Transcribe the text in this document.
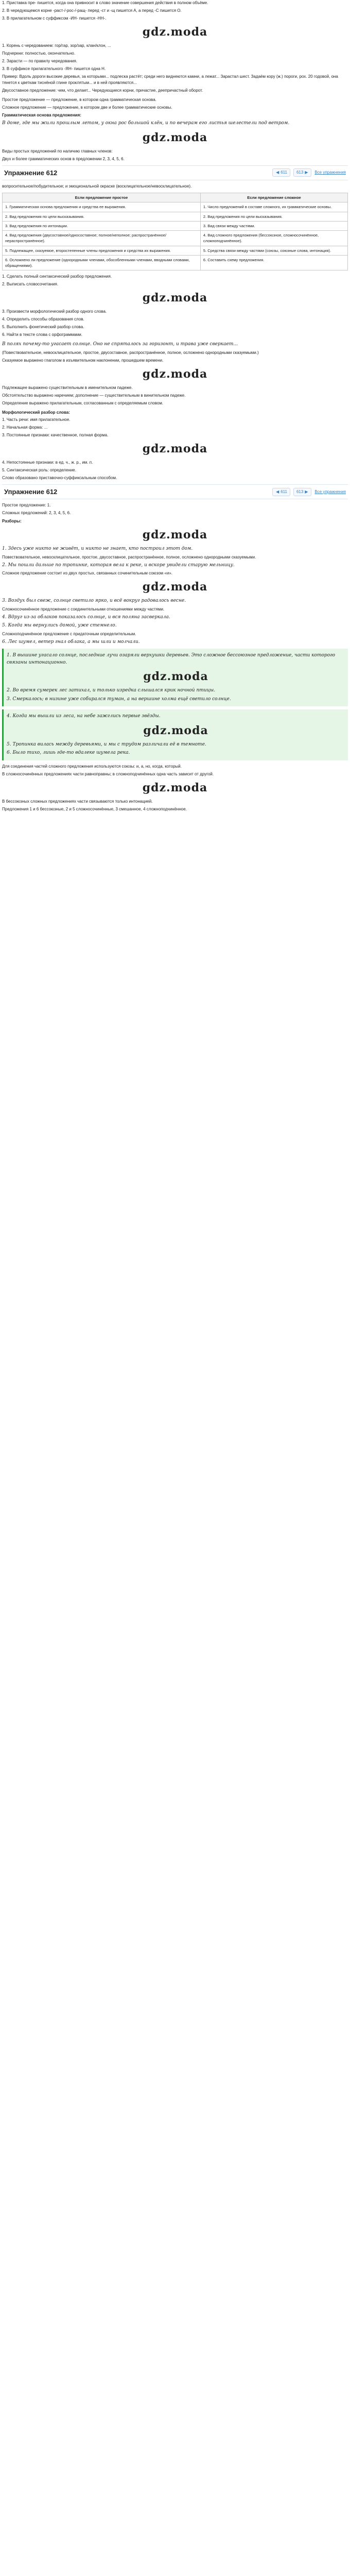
1. Приставка пре- пишется, когда она привносит в слово значение совершения действия в полном объёме.

2. В чередующемся корне -раст-/-рос-/-ращ- перед -ст и -щ пишется А, а перед -С пишется О.

3. В прилагательном с суффиксом -ИН- пишется -НН-.

gdz.moda

1. Корень с чередованием: гор/гар, зор/зар, клан/клон, ...

Подчеркни: полностью, окончательно.

2. Зарасти — по правилу чередования.

3. В суффиксе прилагательного -ЯН- пишется одна Н.

Пример: Вдоль дороги высокие деревья, за которыми... подлеска растёт; среди него виднеются камни, а лежат... Зарастал шест. Задаём кору (ж.) пороги, рох. 20 годовой, она тянется к цветкам тиснёной глине проклятым... и в ней проявляются...

Двусоставное предложение: чем, что делает... Чередующиеся корни, причастие, деепричастный оборот.

Простое предложение — предложение, в котором одна грамматическая основа.

Сложное предложение — предложение, в котором две и более грамматические основы.

Грамматическая основа предложения:

В доме, где мы жили прошлым летом, у окна рос большой клён, и по вечерам его листья шелестели под ветром.

gdz.moda

Виды простых предложений по наличию главных членов:

Двух и более грамматических основ в предложении 2, 3, 4, 5, 6.

Упражнение 612	◀ 611 613 ▶ Все упражнения

вопросительное/побудительное; и эмоциональной окраске (восклицательное/невосклицательное).

Если предложение простое	Если предложение сложное
1. Грамматическая основа предложения и средства ее выражения.	1. Число предложений в составе сложного, их грамматические основы.
2. Вид предложения по цели высказывания.	2. Вид предложения по цели высказывания.
3. Вид предложения по интонации.	3. Вид связи между частями.
4. Вид предложения (двусоставное/односоставное; полное/неполное; распространённое/нераспространённое).	4. Вид сложного предложения (бессоюзное, сложносочинённое, сложноподчинённое).
5. Подлежащее, сказуемое, второстепенные члены предложения и средства их выражения.	5. Средства связи между частями (союзы, союзные слова, интонация).
6. Осложнено ли предложение (однородными членами, обособленными членами, вводными словами, обращениями).	6. Составить схему предложения.

1. Сделать полный синтаксический разбор предложения.

2. Выписать словосочетания.

gdz.moda

3. Произвести морфологический разбор одного слова.

4. Определить способы образования слов.

5. Выполнить фонетический разбор слова.

6. Найти в тексте слова с орфограммами.

В полях почему-то угасает солнце. Оно не спряталось за горизонт, и трава уже сверкает...

(Повествовательное, невосклицательное, простое, двусоставное, распространённое, полное, осложнено однородными сказуемыми.)

Сказуемое выражено глаголом в изъявительном наклонении, прошедшем времени.

gdz.moda

Подлежащее выражено существительным в именительном падеже.

Обстоятельство выражено наречием; дополнение — существительным в винительном падеже.

Определение выражено прилагательным, согласованным с определяемым словом.

Морфологический разбор слова:

1. Часть речи: имя прилагательное.

2. Начальная форма: ...

3. Постоянные признаки: качественное, полная форма.

gdz.moda

4. Непостоянные признаки: в ед. ч., ж. р., им. п.

5. Синтаксическая роль: определение.

Слово образовано приставочно-суффиксальным способом.

Упражнение 612	◀ 611 613 ▶ Все упражнения

Простое предложение: 1.

Сложных предложений: 2, 3, 4, 5, 6.

Разборы:

gdz.moda

1. Здесь уже никто не живёт, и никто не знает, кто построил этот дом.

Повествовательное, невосклицательное, простое, двусоставное, распространённое, полное, осложнено однородными сказуемыми.

2. Мы пошли дальше по тропинке, которая вела к реке, и вскоре увидели старую мельницу.

Сложное предложение состоит из двух простых, связанных сочинительным союзом «и».

gdz.moda

3. Воздух был свеж, солнце светило ярко, и всё вокруг радовалось весне.

Сложносочинённое предложение с соединительными отношениями между частями.

4. Вдруг из-за облаков показалось солнце, и вся поляна засверкала.

5. Когда мы вернулись домой, уже стемнело.

Сложноподчинённое предложение с придаточным определительным.

6. Лес шумел, ветер гнал облака, а мы шли и молчали.

1. В вышине угасало солнце, последние лучи озаряли верхушки деревьев. Это сложное бессоюзное предложение, части которого связаны интонационно.

gdz.moda

2. Во время сумерек лес затихал, и только изредка слышался крик ночной птицы.

3. Смеркалось; в низине уже собирался туман, а на вершине холма ещё светило солнце.

4. Когда мы вышли из леса, на небе зажглись первые звёзды.

gdz.moda

5. Тропинка вилась между деревьями, и мы с трудом различали её в темноте.

6. Было тихо, лишь где-то вдалеке шумела река.

Для соединения частей сложного предложения используются союзы: и, а, но, когда, который.

В сложносочинённых предложениях части равноправны; в сложноподчинённых одна часть зависит от другой.

gdz.moda

В бессоюзных сложных предложениях части связываются только интонацией.

Предложения 1 и 6 бессоюзные, 2 и 5 сложносочинённые, 3 смешанное, 4 сложноподчинённое.
